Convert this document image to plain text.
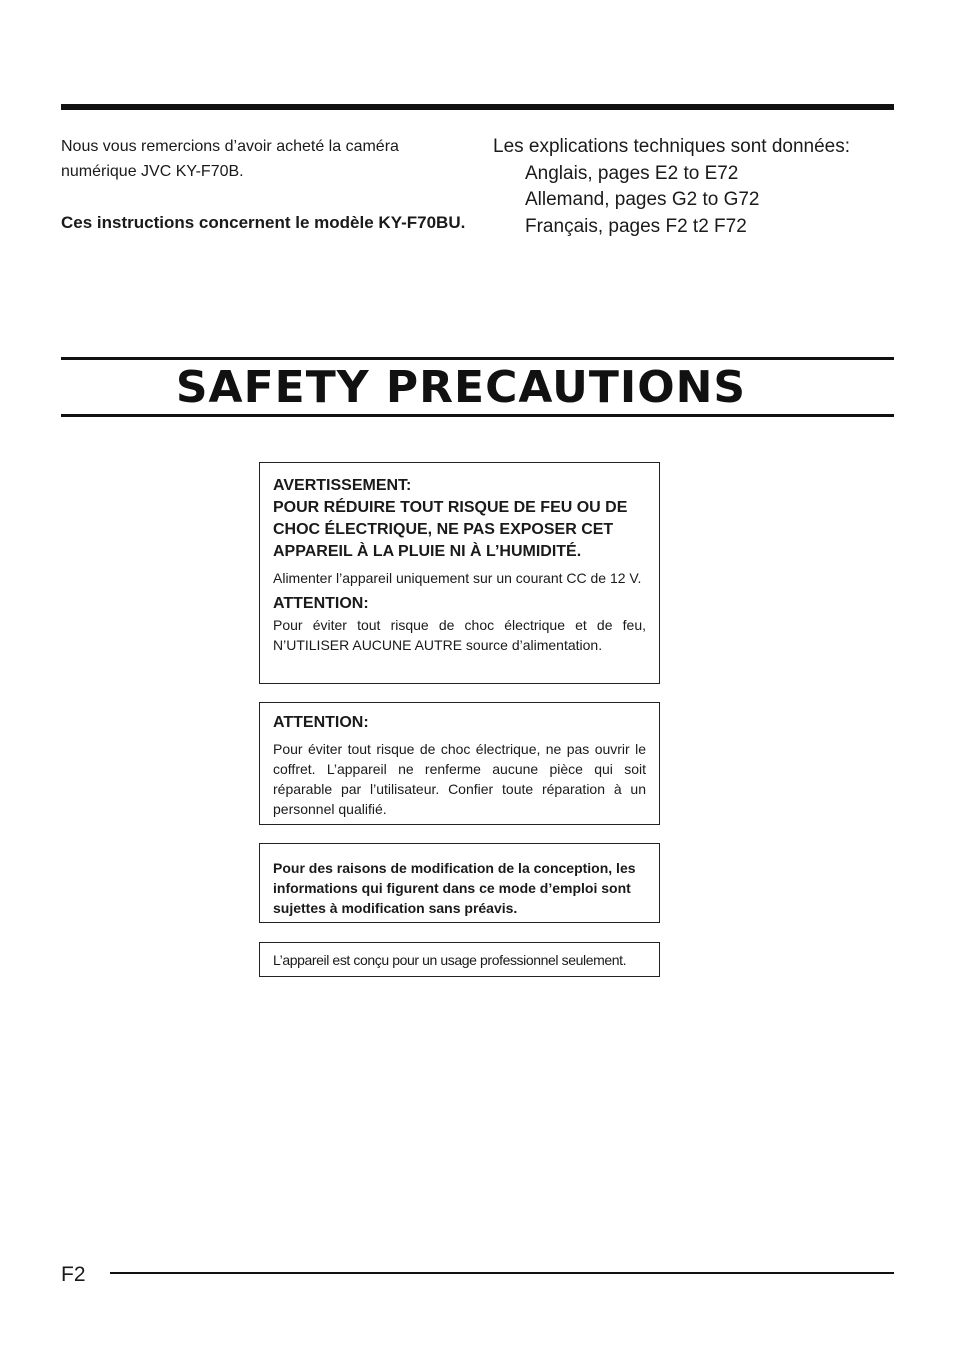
Nous vous remercions d’avoir acheté la caméra numérique JVC KY-F70B.

Ces instructions concernent le modèle KY-F70BU.

Les explications techniques sont données:

Anglais, pages E2 to E72

Allemand, pages G2 to G72

Français, pages F2 t2 F72

SAFETY PRECAUTIONS

AVERTISSEMENT:

POUR RÉDUIRE TOUT RISQUE DE FEU OU DE CHOC ÉLECTRIQUE, NE PAS EXPOSER CET APPAREIL À LA PLUIE NI À L’HUMIDITÉ.

Alimenter l’appareil uniquement sur un courant CC de 12 V.

ATTENTION:

Pour éviter tout risque de choc électrique et de feu, N’UTILISER AUCUNE AUTRE source d’alimentation.

ATTENTION:

Pour éviter tout risque de choc électrique, ne pas ouvrir le coffret. L’appareil ne renferme aucune pièce qui soit réparable par l’utilisateur. Confier toute réparation à un personnel qualifié.

Pour des raisons de modification de la conception, les informations qui figurent dans ce mode d’emploi sont sujettes à modification sans préavis.

L’appareil est conçu pour un usage professionnel seulement.

F2
